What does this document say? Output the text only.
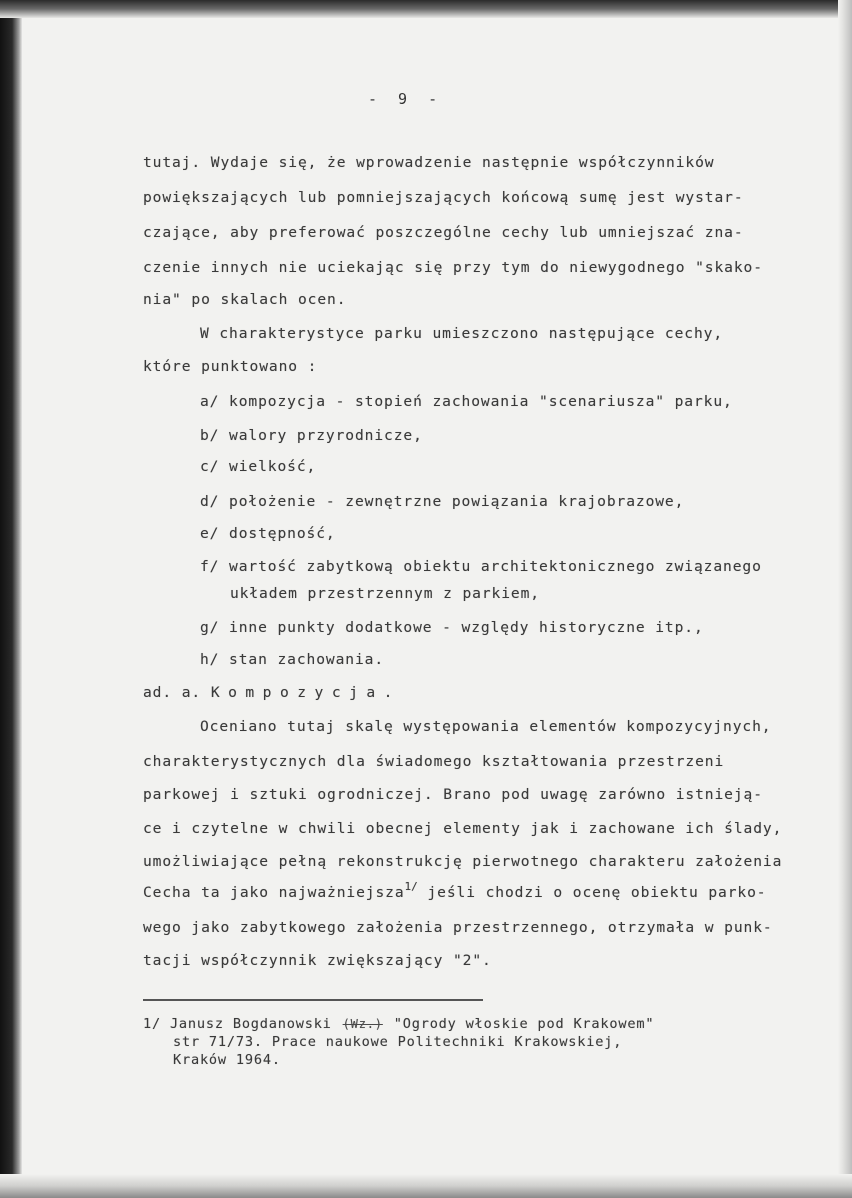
- 9 -
tutaj. Wydaje się, że wprowadzenie następnie współczynników
powiększających lub pomniejszających końcową sumę jest wystar-
czające, aby preferować poszczególne cechy lub umniejszać zna-
czenie innych nie uciekając się przy tym do niewygodnego "skako-
nia" po skalach ocen.
W charakterystyce parku umieszczono następujące cechy,
które punktowano :
a/ kompozycja - stopień zachowania "scenariusza" parku,
b/ walory przyrodnicze,
c/ wielkość,
d/ położenie - zewnętrzne powiązania krajobrazowe,
e/ dostępność,
f/ wartość zabytkową obiektu architektonicznego związanego
układem przestrzennym z parkiem,
g/ inne punkty dodatkowe - względy historyczne itp.,
h/ stan zachowania.
ad. a. Kompozycja.
Oceniano tutaj skalę występowania elementów kompozycyjnych,
charakterystycznych dla świadomego kształtowania przestrzeni
parkowej i sztuki ogrodniczej. Brano pod uwagę zarówno istnieją-
ce i czytelne w chwili obecnej elementy jak i zachowane ich ślady,
umożliwiające pełną rekonstrukcję pierwotnego charakteru założenia
Cecha ta jako najważniejsza$^{1/}$ jeśli chodzi o ocenę obiektu parko-
wego jako zabytkowego założenia przestrzennego, otrzymała w punk-
tacji współczynnik zwiększający "2".
1/ Janusz Bogdanowski (Wz.) "Ogrody włoskie pod Krakowem"
str 71/73. Prace naukowe Politechniki Krakowskiej,
Kraków 1964.
